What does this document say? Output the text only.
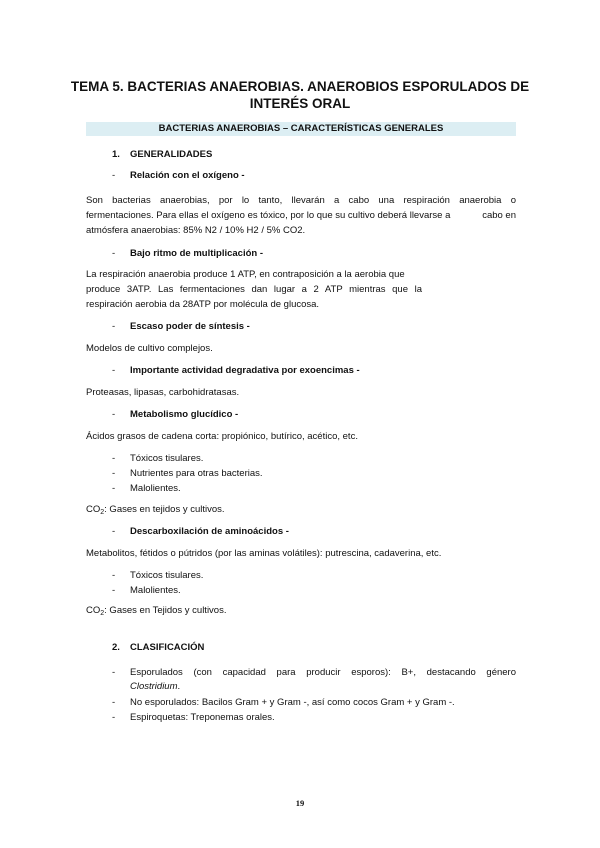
TEMA 5. BACTERIAS ANAEROBIAS. ANAEROBIOS ESPORULADOS DE
INTERÉS ORAL
BACTERIAS ANAEROBIAS – CARACTERÍSTICAS GENERALES
1. GENERALIDADES
- Relación con el oxígeno -
Son bacterias anaerobias, por lo tanto, llevarán a cabo una respiración anaerobia o
fermentaciones. Para ellas el oxígeno es tóxico, por lo que su cultivo deberá llevarse a	cabo en
atmósfera anaerobias: 85% N2 / 10% H2 / 5% CO2.
- Bajo ritmo de multiplicación -
La respiración anaerobia produce 1 ATP, en contraposición a la aerobia que
produce 3ATP. Las fermentaciones dan lugar a 2 ATP mientras que la
respiración aerobia da 28ATP por molécula de glucosa.
- Escaso poder de síntesis -
Modelos de cultivo complejos.
- Importante actividad degradativa por exoencimas -
Proteasas, lipasas, carbohidratasas.
- Metabolismo glucídico -
Ácidos grasos de cadena corta: propiónico, butírico, acético, etc.
- Tóxicos tisulares.
- Nutrientes para otras bacterias.
- Malolientes.
$CO_2$: Gases en tejidos y cultivos.
- Descarboxilación de aminoácidos -
Metabolitos, fétidos o pútridos (por las aminas volátiles): putrescina, cadaverina, etc.
- Tóxicos tisulares.
- Malolientes.
$CO_2$: Gases en Tejidos y cultivos.
2. CLASIFICACIÓN
- Esporulados (con capacidad para producir esporos): B+, destacando género
Clostridium.
- No esporulados: Bacilos Gram + y Gram -, así como cocos Gram + y Gram -.
- Espiroquetas: Treponemas orales.
19
